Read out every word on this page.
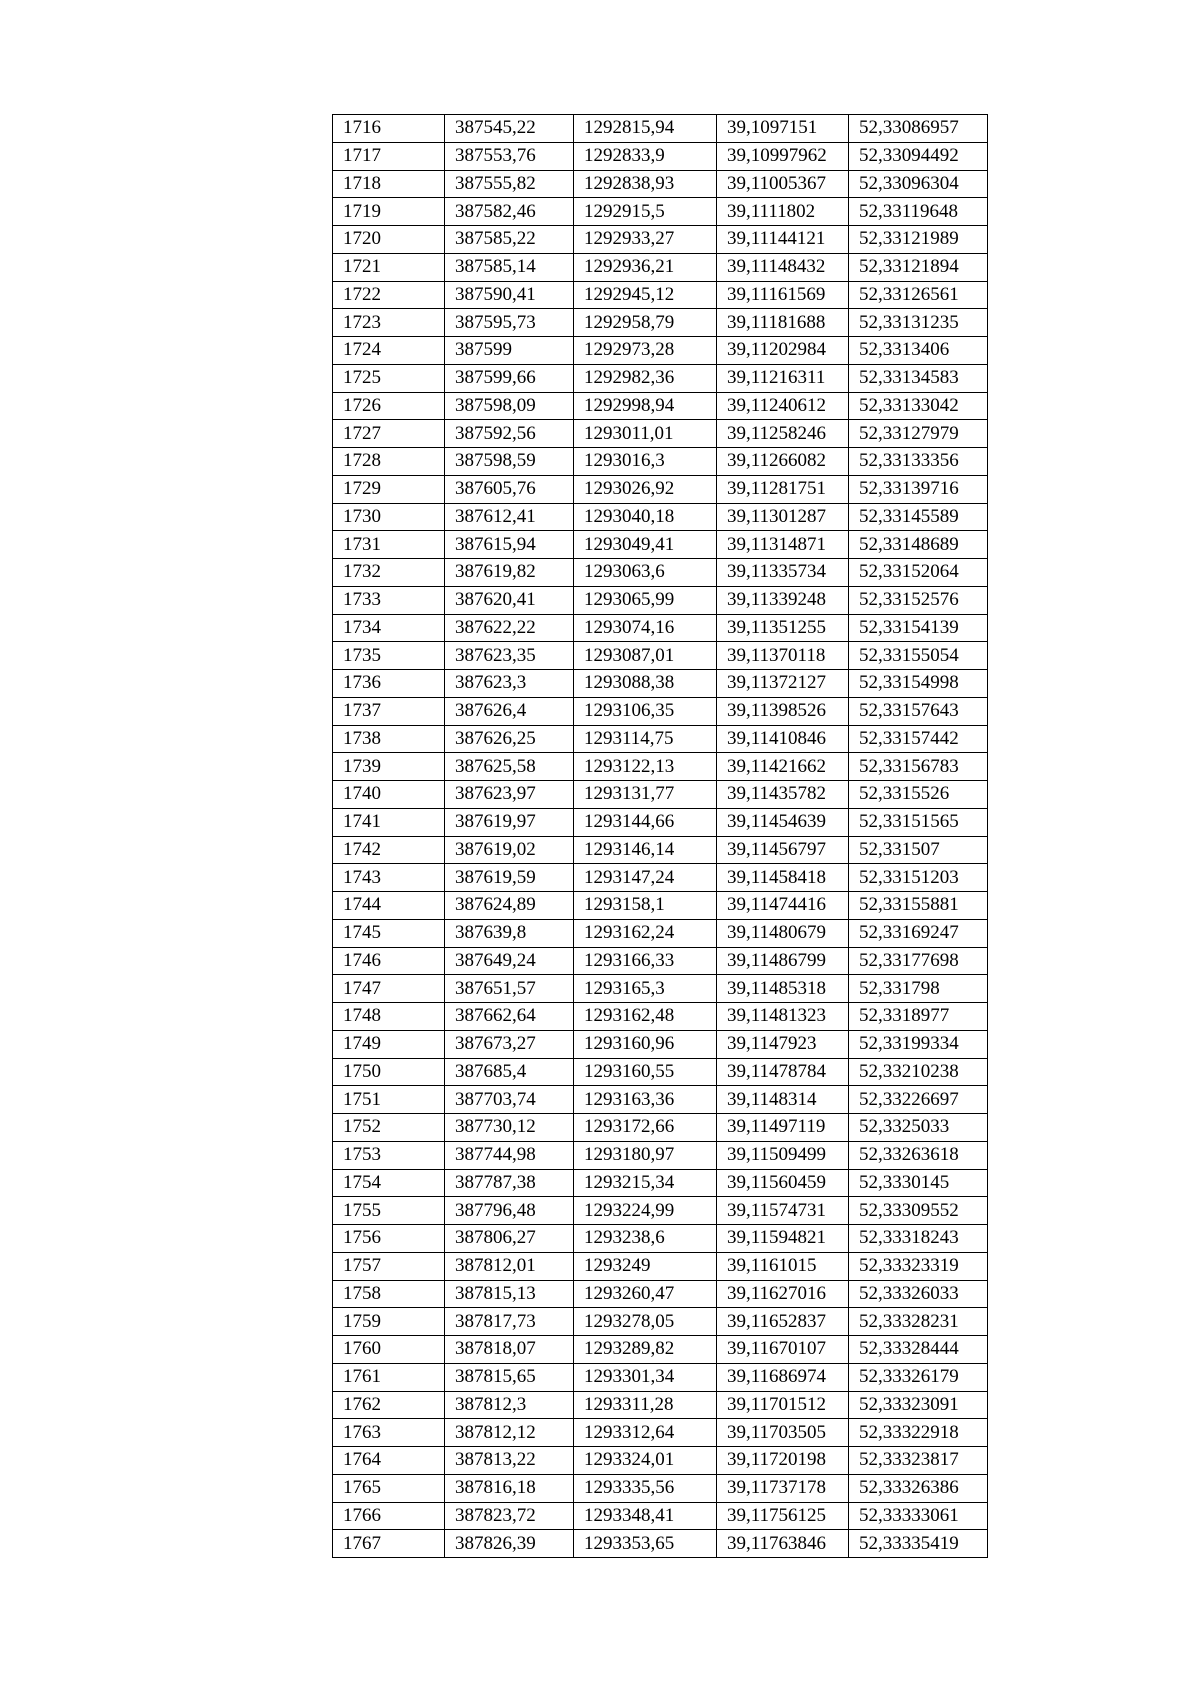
1716	387545,22	1292815,94	39,1097151	52,33086957
1717	387553,76	1292833,9	39,10997962	52,33094492
1718	387555,82	1292838,93	39,11005367	52,33096304
1719	387582,46	1292915,5	39,1111802	52,33119648
1720	387585,22	1292933,27	39,11144121	52,33121989
1721	387585,14	1292936,21	39,11148432	52,33121894
1722	387590,41	1292945,12	39,11161569	52,33126561
1723	387595,73	1292958,79	39,11181688	52,33131235
1724	387599	1292973,28	39,11202984	52,3313406
1725	387599,66	1292982,36	39,11216311	52,33134583
1726	387598,09	1292998,94	39,11240612	52,33133042
1727	387592,56	1293011,01	39,11258246	52,33127979
1728	387598,59	1293016,3	39,11266082	52,33133356
1729	387605,76	1293026,92	39,11281751	52,33139716
1730	387612,41	1293040,18	39,11301287	52,33145589
1731	387615,94	1293049,41	39,11314871	52,33148689
1732	387619,82	1293063,6	39,11335734	52,33152064
1733	387620,41	1293065,99	39,11339248	52,33152576
1734	387622,22	1293074,16	39,11351255	52,33154139
1735	387623,35	1293087,01	39,11370118	52,33155054
1736	387623,3	1293088,38	39,11372127	52,33154998
1737	387626,4	1293106,35	39,11398526	52,33157643
1738	387626,25	1293114,75	39,11410846	52,33157442
1739	387625,58	1293122,13	39,11421662	52,33156783
1740	387623,97	1293131,77	39,11435782	52,3315526
1741	387619,97	1293144,66	39,11454639	52,33151565
1742	387619,02	1293146,14	39,11456797	52,331507
1743	387619,59	1293147,24	39,11458418	52,33151203
1744	387624,89	1293158,1	39,11474416	52,33155881
1745	387639,8	1293162,24	39,11480679	52,33169247
1746	387649,24	1293166,33	39,11486799	52,33177698
1747	387651,57	1293165,3	39,11485318	52,331798
1748	387662,64	1293162,48	39,11481323	52,3318977
1749	387673,27	1293160,96	39,1147923	52,33199334
1750	387685,4	1293160,55	39,11478784	52,33210238
1751	387703,74	1293163,36	39,1148314	52,33226697
1752	387730,12	1293172,66	39,11497119	52,3325033
1753	387744,98	1293180,97	39,11509499	52,33263618
1754	387787,38	1293215,34	39,11560459	52,3330145
1755	387796,48	1293224,99	39,11574731	52,33309552
1756	387806,27	1293238,6	39,11594821	52,33318243
1757	387812,01	1293249	39,1161015	52,33323319
1758	387815,13	1293260,47	39,11627016	52,33326033
1759	387817,73	1293278,05	39,11652837	52,33328231
1760	387818,07	1293289,82	39,11670107	52,33328444
1761	387815,65	1293301,34	39,11686974	52,33326179
1762	387812,3	1293311,28	39,11701512	52,33323091
1763	387812,12	1293312,64	39,11703505	52,33322918
1764	387813,22	1293324,01	39,11720198	52,33323817
1765	387816,18	1293335,56	39,11737178	52,33326386
1766	387823,72	1293348,41	39,11756125	52,33333061
1767	387826,39	1293353,65	39,11763846	52,33335419
